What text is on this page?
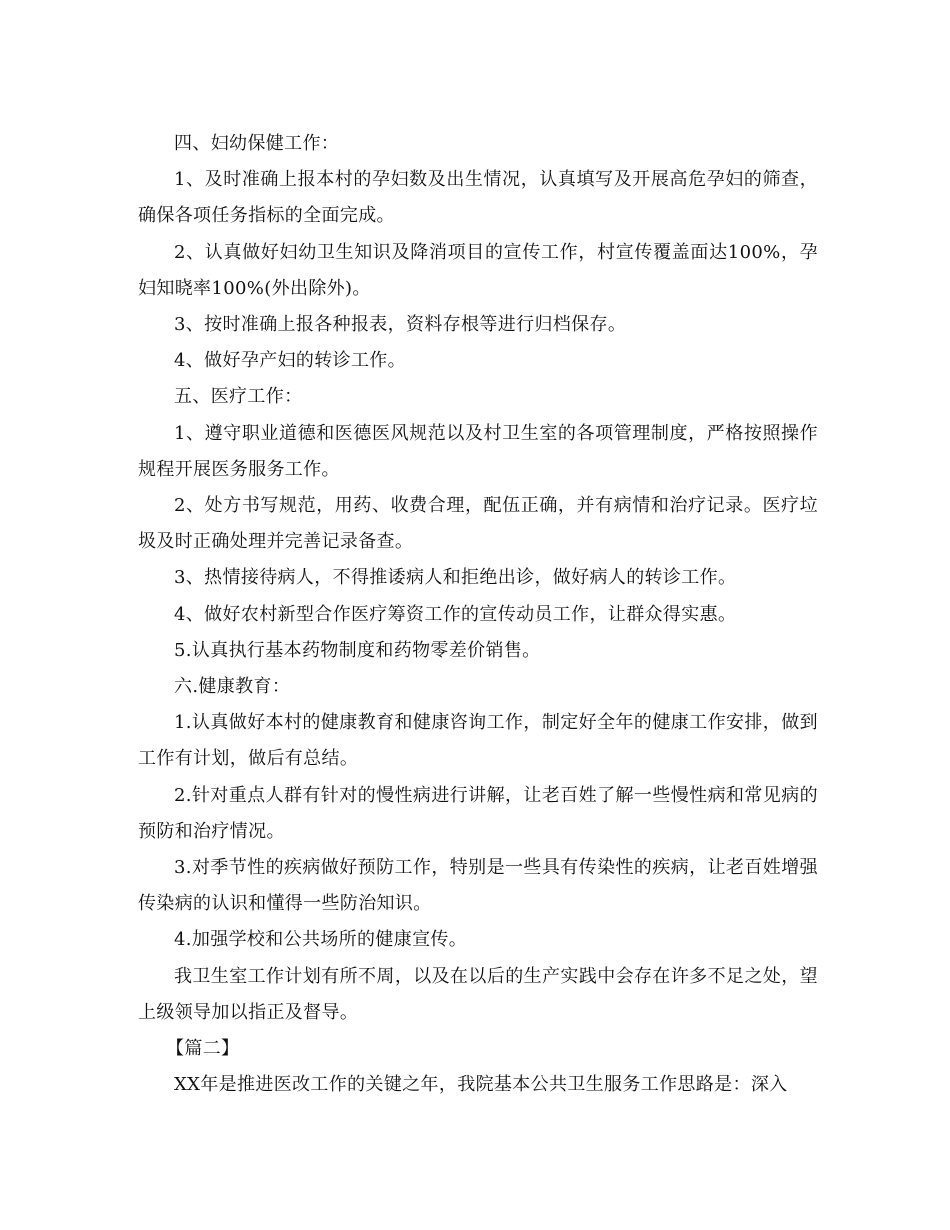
四、妇幼保健工作：

1、及时准确上报本村的孕妇数及出生情况，认真填写及开展高危孕妇的筛查，确保各项任务指标的全面完成。

2、认真做好妇幼卫生知识及降消项目的宣传工作，村宣传覆盖面达100%，孕妇知晓率100%(外出除外)。

3、按时准确上报各种报表，资料存根等进行归档保存。

4、做好孕产妇的转诊工作。

五、医疗工作：

1、遵守职业道德和医德医风规范以及村卫生室的各项管理制度，严格按照操作规程开展医务服务工作。

2、处方书写规范，用药、收费合理，配伍正确，并有病情和治疗记录。医疗垃圾及时正确处理并完善记录备查。

3、热情接待病人，不得推诿病人和拒绝出诊，做好病人的转诊工作。

4、做好农村新型合作医疗筹资工作的宣传动员工作，让群众得实惠。

5.认真执行基本药物制度和药物零差价销售。

六.健康教育：

1.认真做好本村的健康教育和健康咨询工作，制定好全年的健康工作安排，做到工作有计划，做后有总结。

2.针对重点人群有针对的慢性病进行讲解，让老百姓了解一些慢性病和常见病的预防和治疗情况。

3.对季节性的疾病做好预防工作，特别是一些具有传染性的疾病，让老百姓增强传染病的认识和懂得一些防治知识。

4.加强学校和公共场所的健康宣传。

我卫生室工作计划有所不周，以及在以后的生产实践中会存在许多不足之处，望上级领导加以指正及督导。

【篇二】

XX年是推进医改工作的关键之年，我院基本公共卫生服务工作思路是：深入
